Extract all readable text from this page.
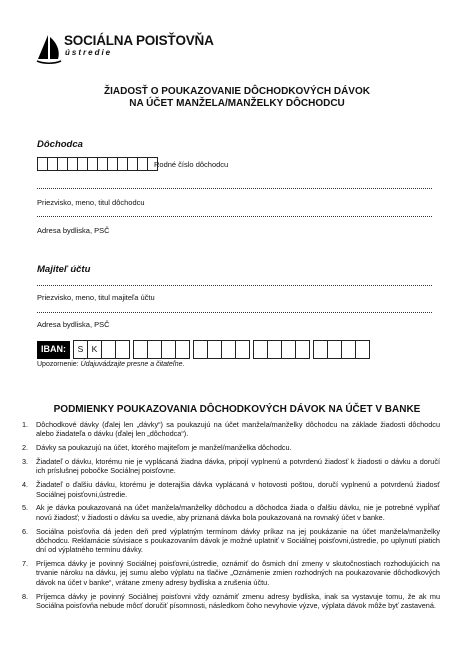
SOCIÁLNA POISŤOVŇA
ústredie
ŽIADOSŤ O POUKAZOVANIE DÔCHODKOVÝCH DÁVOK
NA ÚČET MANŽELA/MANŽELKY DÔCHODCU
Dôchodca
Rodné číslo dôchodcu
Priezvisko, meno, titul dôchodcu
Adresa bydliska, PSČ
Majiteľ účtu
Priezvisko, meno, titul majiteľa účtu
Adresa bydliska, PSČ
IBAN:	S K
Upozornenie: Údajuvádzajte presne a čitateľne.
PODMIENKY POUKAZOVANIA DÔCHODKOVÝCH DÁVOK NA ÚČET V BANKE
1.	Dôchodkové dávky (ďalej len „dávky“) sa poukazujú na účet manžela/manželky dôchodcu na základe žiadosti dôchodcu alebo žiadateľa o dávku (ďalej len „dôchodca“).
2.	Dávky sa poukazujú na účet, ktorého majiteľom je manžel/manželka dôchodcu.
3.	Žiadateľ o dávku, ktorému nie je vyplácaná žiadna dávka, pripojí vyplnenú a potvrdenú žiadosť k žiadosti o dávku a doručí ich príslušnej pobočke Sociálnej poisťovne.
4.	Žiadateľ o ďalšiu dávku, ktorému je doterajšia dávka vyplácaná v hotovosti poštou, doručí vyplnenú a potvrdenú žiadosť Sociálnej poisťovni,ústredie.
5.	Ak je dávka poukazovaná na účet manžela/manželky dôchodcu a dôchodca žiada o ďalšiu dávku, nie je potrebné vypĺňať novú žiadosť; v žiadosti o dávku sa uvedie, aby priznaná dávka bola poukazovaná na rovnaký účet v banke.
6.	Sociálna poisťovňa dá jeden deň pred výplatným termínom dávky príkaz na jej poukázanie na účet manžela/manželky dôchodcu. Reklamácie súvisiace s poukazovaním dávok je možné uplatniť v Sociálnej poisťovni,ústredie, po uplynutí piatich dní od výplatného termínu dávky.
7.	Príjemca dávky je povinný Sociálnej poisťovni,ústredie, oznámiť do ôsmich dní zmeny v skutočnostiach rozhodujúcich na trvanie nároku na dávku, jej sumu alebo výplatu na tlačive „Oznámenie zmien rozhodných na poukazovanie dôchodkových dávok na účet v banke“, vrátane zmeny adresy bydliska a zrušenia účtu.
8.	Príjemca dávky je povinný Sociálnej poisťovni vždy oznámiť zmenu adresy bydliska, inak sa vystavuje tomu, že ak mu Sociálna poisťovňa nebude môcť doručiť písomnosti, následkom čoho nevyhovie výzve, výplata dávok môže byť zastavená.
